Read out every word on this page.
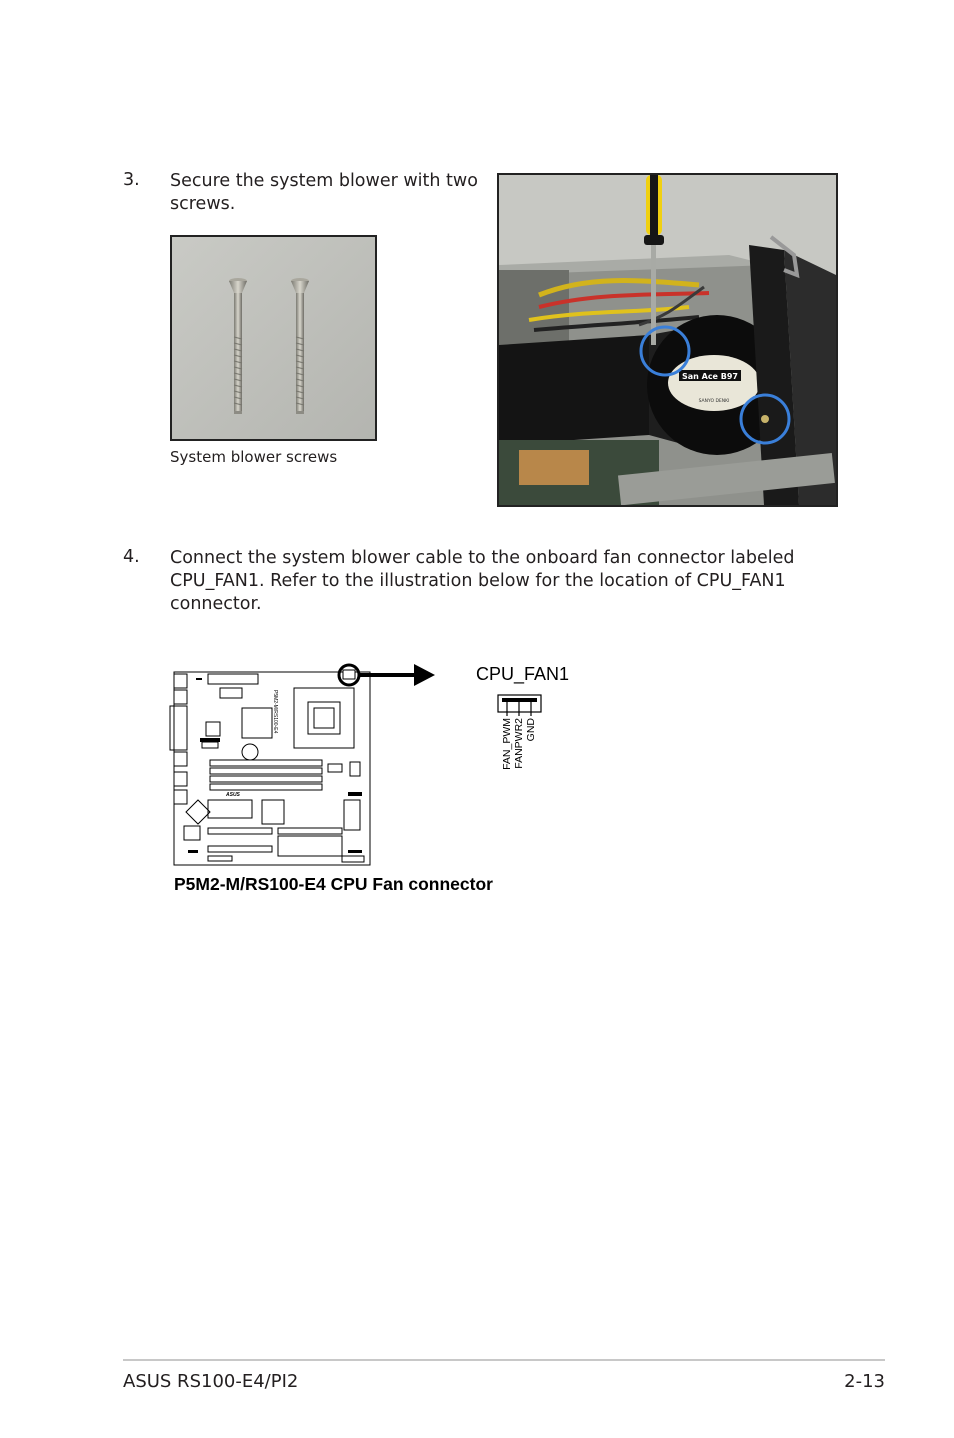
3. Secure the system blower with two screws.
System blower screws
San Ace B97
SANYO DENKI
4. Connect the system blower cable to the onboard fan connector labeled CPU_FAN1. Refer to the illustration below for the location of CPU_FAN1 connector.
P5M2-M/RS100-E4
ASUS
CPU_FAN1
FAN_PWM FANPWR2 GND
P5M2-M/RS100-E4 CPU Fan connector
ASUS RS100-E4/PI2	2-13
